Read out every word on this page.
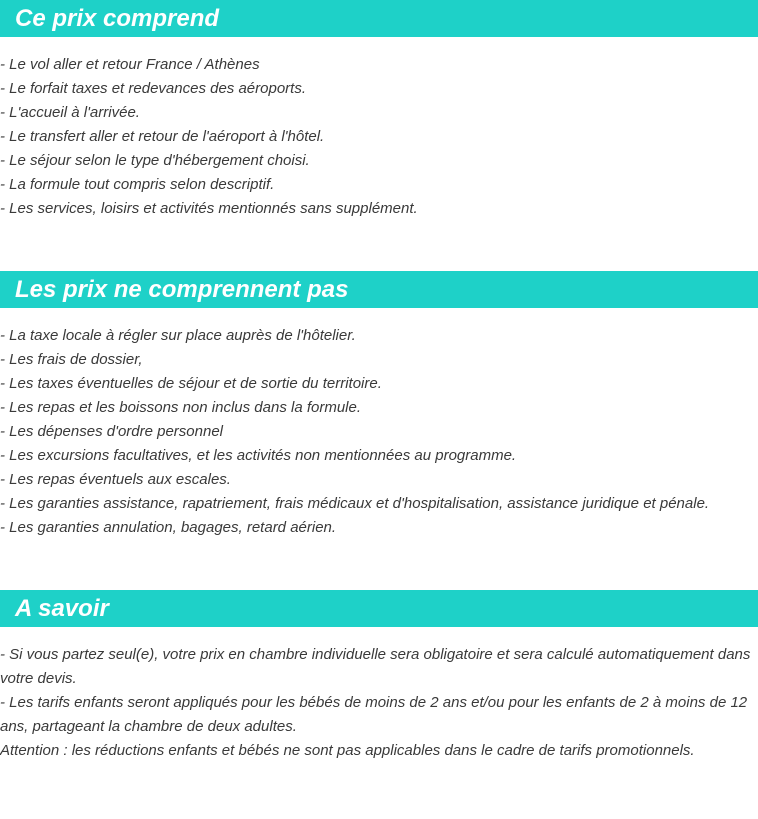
Ce prix comprend
- Le vol aller et retour France / Athènes
- Le forfait taxes et redevances des aéroports.
- L'accueil à l'arrivée.
- Le transfert aller et retour de l'aéroport à l'hôtel.
- Le séjour selon le type d'hébergement choisi.
- La formule tout compris selon descriptif.
- Les services, loisirs et activités mentionnés sans supplément.
Les prix ne comprennent pas
- La taxe locale à régler sur place auprès de l'hôtelier.
- Les frais de dossier,
- Les taxes éventuelles de séjour et de sortie du territoire.
- Les repas et les boissons non inclus dans la formule.
- Les dépenses d'ordre personnel
- Les excursions facultatives, et les activités non mentionnées au programme.
- Les repas éventuels aux escales.
- Les garanties assistance, rapatriement, frais médicaux et d'hospitalisation, assistance juridique et pénale.
- Les garanties annulation, bagages, retard aérien.
A savoir

- Si vous partez seul(e), votre prix en chambre individuelle sera obligatoire et sera calculé automatiquement dans votre devis.

- Les tarifs enfants seront appliqués pour les bébés de moins de 2 ans et/ou pour les enfants de 2 à moins de 12 ans, partageant la chambre de deux adultes.

Attention : les réductions enfants et bébés ne sont pas applicables dans le cadre de tarifs promotionnels.
